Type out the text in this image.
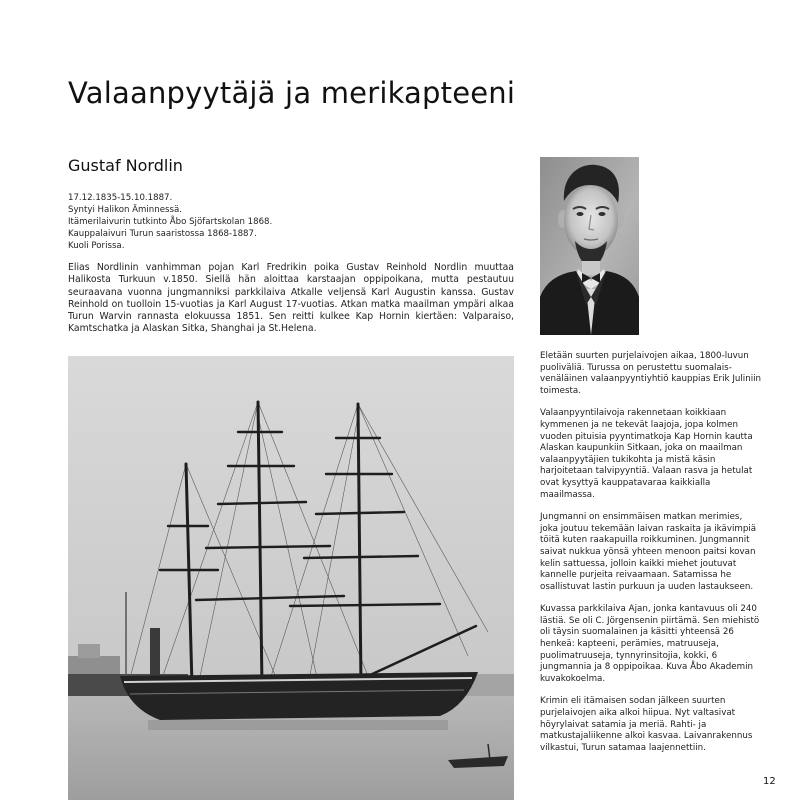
Valaanpyytäjä ja merikapteeni
Gustaf Nordlin
17.12.1835-15.10.1887.
Syntyi Halikon Äminnessä.
Itämerilaivurin tutkinto Åbo Sjöfartskolan 1868.
Kauppalaivuri Turun saaristossa 1868-1887.
Kuoli Porissa.

Elias Nordlinin vanhimman pojan Karl Fredrikin poika Gustav Reinhold Nordlin muuttaa Halikosta Turkuun v.1850. Siellä hän aloittaa karstaajan oppipoikana, mutta pestautuu seuraavana vuonna jungmanniksi parkkilaiva Atkalle veljensä Karl Augustin kanssa. Gustav Reinhold on tuolloin 15-vuotias ja Karl August 17-vuotias. Atkan matka maailman ympäri alkaa Turun Warvin rannasta elokuussa 1851. Sen reitti kulkee Kap Hornin kiertäen: Valparaiso, Kamtschatka ja Alaskan Sitka, Shanghai ja St.Helena.

Eletään suurten purjelaivojen aikaa, 1800-luvun puoliväliä. Turussa on perustettu suomalais-venäläinen valaanpyyntiyhtiö kauppias Erik Juliniin toimesta.

Valaanpyyntilaivoja rakennetaan koikkiaan kymmenen ja ne tekevät laajoja, jopa kolmen vuoden pituisia pyyntimatkoja Kap Hornin kautta Alaskan kaupunkiin Sitkaan, joka on maailman valaanpyytäjien tukikohta ja mistä käsin harjoitetaan talvipyyntiä. Valaan rasva ja hetulat ovat kysyttyä kauppatavaraa kaikkialla maailmassa.

Jungmanni on ensimmäisen matkan merimies, joka joutuu tekemään laivan raskaita ja ikävimpiä töitä kuten raakapuilla roikkuminen. Jungmannit saivat nukkua yönsä yhteen menoon paitsi kovan kelin sattuessa, jolloin kaikki miehet joutuvat kannelle purjeita reivaamaan. Satamissa he osallistuvat lastin purkuun ja uuden lastaukseen.

Kuvassa parkkilaiva Ajan, jonka kantavuus oli 240 lästiä. Se oli C. Jörgensenin piirtämä. Sen miehistö oli täysin suomalainen ja käsitti yhteensä 26 henkeä: kapteeni, perämies, matruuseja, puolimatruuseja, tynnyrinsitojia, kokki, 6 jungmannia ja 8 oppipoikaa. Kuva Åbo Akademin kuvakokoelma.

Krimin eli itämaisen sodan jälkeen suurten purjelaivojen aika alkoi hiipua. Nyt valtasivat höyrylaivat satamia ja meriä. Rahti- ja matkustajaliikenne alkoi kasvaa. Laivanrakennus vilkastui, Turun satamaa laajennettiin.

12
